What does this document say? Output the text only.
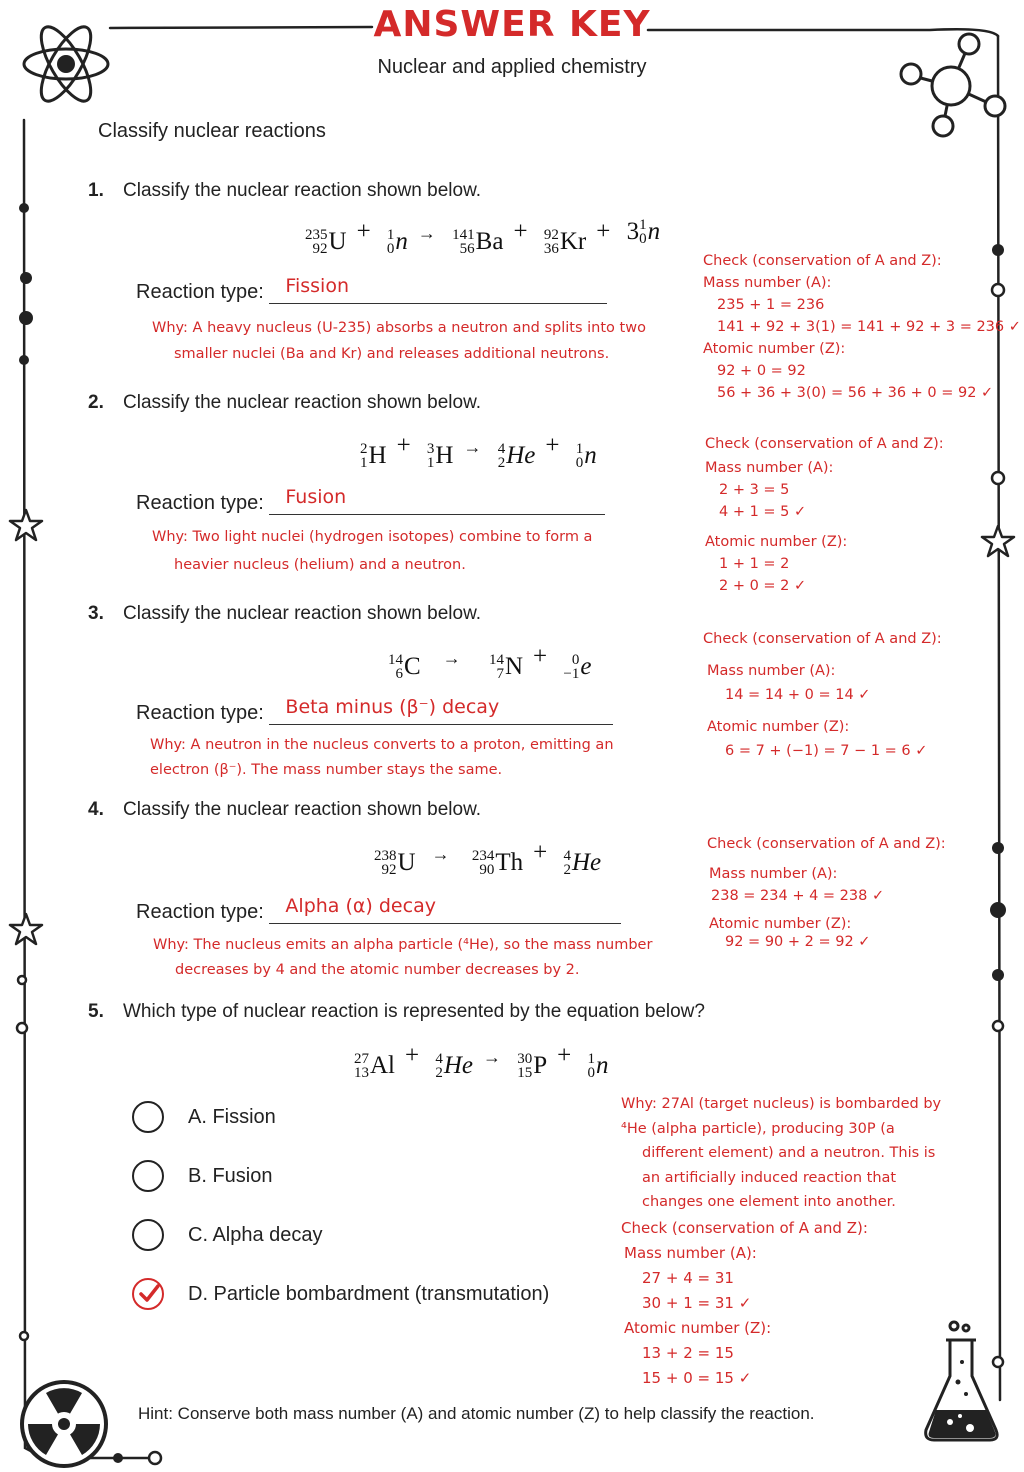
ANSWER KEY
Nuclear and applied chemistry
Classify nuclear reactions
1. Classify the nuclear reaction shown below.
235
92 U + 1
0 n → 141
56 Ba + 92
36 Kr + 3 1
0 n
Reaction type: Fission
Why: A heavy nucleus (U-235) absorbs a neutron and splits into two
smaller nuclei (Ba and Kr) and releases additional neutrons.
Check (conservation of A and Z):
Mass number (A):
235 + 1 = 236
141 + 92 + 3(1) = 141 + 92 + 3 = 236 ✓
Atomic number (Z):
92 + 0 = 92
56 + 36 + 3(0) = 56 + 36 + 0 = 92 ✓
2. Classify the nuclear reaction shown below.
2
1 H + 3
1 H → 4
2 He + 1
0 n
Reaction type: Fusion
Why: Two light nuclei (hydrogen isotopes) combine to form a
heavier nucleus (helium) and a neutron.
Check (conservation of A and Z):
Mass number (A):
2 + 3 = 5
4 + 1 = 5 ✓
Atomic number (Z):
1 + 1 = 2
2 + 0 = 2 ✓
3. Classify the nuclear reaction shown below.
14
6 C → 14
7 N + 0
−1 e
Reaction type: Beta minus (β⁻) decay
Why: A neutron in the nucleus converts to a proton, emitting an
electron (β⁻). The mass number stays the same.
Check (conservation of A and Z):
Mass number (A):
14 = 14 + 0 = 14 ✓
Atomic number (Z):
6 = 7 + (−1) = 7 − 1 = 6 ✓
4. Classify the nuclear reaction shown below.
238
92 U → 234
90 Th + 4
2 He
Reaction type: Alpha (α) decay
Why: The nucleus emits an alpha particle (⁴He), so the mass number
decreases by 4 and the atomic number decreases by 2.
Check (conservation of A and Z):
Mass number (A):
238 = 234 + 4 = 238 ✓
Atomic number (Z):
92 = 90 + 2 = 92 ✓
5. Which type of nuclear reaction is represented by the equation below?
27
13 Al + 4
2 He → 30
15 P + 1
0 n
A. Fission
B. Fusion
C. Alpha decay
D. Particle bombardment (transmutation)
Why: 27Al (target nucleus) is bombarded by
⁴He (alpha particle), producing 30P (a
different element) and a neutron. This is
an artificially induced reaction that
changes one element into another.
Check (conservation of A and Z):
Mass number (A):
27 + 4 = 31
30 + 1 = 31 ✓
Atomic number (Z):
13 + 2 = 15
15 + 0 = 15 ✓
Hint: Conserve both mass number (A) and atomic number (Z) to help classify the reaction.
